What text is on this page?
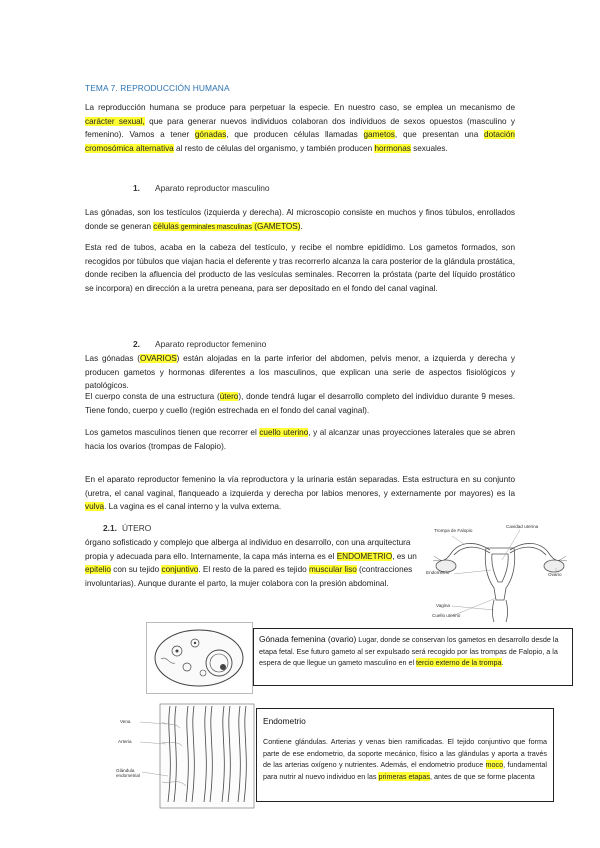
TEMA 7. REPRODUCCIÓN HUMANA
La reproducción humana se produce para perpetuar la especie. En nuestro caso, se emplea un mecanismo de carácter sexual, que para generar nuevos individuos colaboran dos individuos de sexos opuestos (masculino y femenino). Vamos a tener gónadas, que producen células llamadas gametos, que presentan una dotación cromosómica alternativa al resto de células del organismo, y también producen hormonas sexuales.
1. Aparato reproductor masculino
Las gónadas, son los testículos (izquierda y derecha). Al microscopio consiste en muchos y finos túbulos, enrollados donde se generan células germinales masculinas (GAMETOS).
Esta red de tubos, acaba en la cabeza del testículo, y recibe el nombre epidídimo. Los gametos formados, son recogidos por túbulos que viajan hacia el deferente y tras recorrerlo alcanza la cara posterior de la glándula prostática, donde reciben la afluencia del producto de las vesículas seminales. Recorren la próstata (parte del líquido prostático se incorpora) en dirección a la uretra peneana, para ser depositado en el fondo del canal vaginal.
2. Aparato reproductor femenino
Las gónadas (OVARIOS) están alojadas en la parte inferior del abdomen, pelvis menor, a izquierda y derecha y producen gametos y hormonas diferentes a los masculinos, que explican una serie de aspectos fisiológicos y patológicos.
El cuerpo consta de una estructura (útero), donde tendrá lugar el desarrollo completo del individuo durante 9 meses. Tiene fondo, cuerpo y cuello (región estrechada en el fondo del canal vaginal).
Los gametos masculinos tienen que recorrer el cuello uterino, y al alcanzar unas proyecciones laterales que se abren hacia los ovarios (trompas de Falopio).
En el aparato reproductor femenino la vía reproductora y la urinaria están separadas. Esta estructura en su conjunto (uretra, el canal vaginal, flanqueado a izquierda y derecha por labios menores, y externamente por mayores) es la vulva. La vagina es el canal interno y la vulva externa.
2.1. ÚTERO
órgano sofisticado y complejo que alberga al individuo en desarrollo, con una arquitectura propia y adecuada para ello. Internamente, la capa más interna es el ENDOMETRIO, es un epitelio con su tejido conjuntivo. El resto de la pared es tejido muscular liso (contracciones involuntarias). Aunque durante el parto, la mujer colabora con la presión abdominal.
Trompa de Falopio
Cavidad uterina
Endometrio	Ovario
Vagina
Cuello uterino
Gónada femenina (ovario) Lugar, donde se conservan los gametos en desarrollo desde la etapa fetal. Ese futuro gameto al ser expulsado será recogido por las trompas de Falopio, a la espera de que llegue un gameto masculino en el tercio externo de la trompa.
Vena
Arteria
Glándula endometrial
Endometrio
Contiene glándulas. Arterias y venas bien ramificadas. El tejido conjuntivo que forma parte de ese endometrio, da soporte mecánico, físico a las glándulas y aporta a través de las arterias oxígeno y nutrientes. Además, el endometrio produce moco, fundamental para nutrir al nuevo individuo en las primeras etapas, antes de que se forme placenta
